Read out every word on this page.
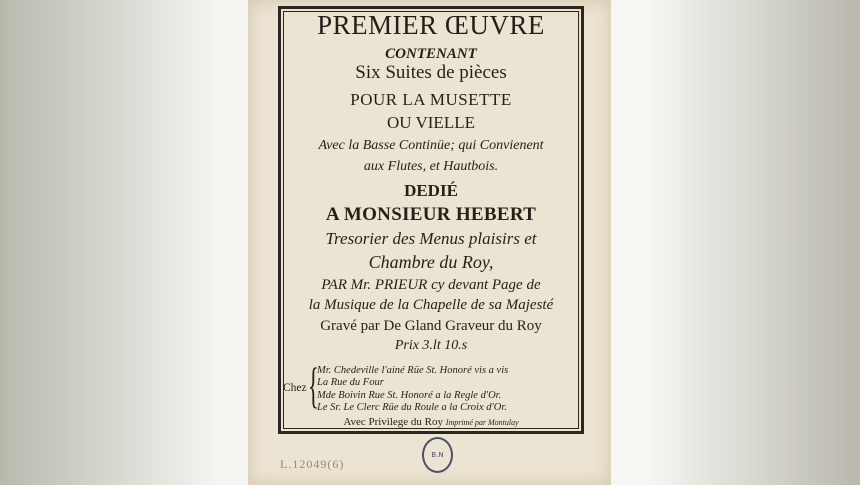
PREMIER ŒUVRE
CONTENANT
Six Suites de pièces
POUR LA MUSETTE
OU VIELLE
Avec la Basse Continüe; qui Convienent
aux Flutes, et Hautbois.
DEDIÉ
A MONSIEUR HEBERT
Tresorier des Menus plaisirs et
Chambre du Roy,
PAR Mr. PRIEUR cy devant Page de
la Musique de la Chapelle de sa Majesté
Gravé par De Gland Graveur du Roy
Prix 3.lt 10.s
Chez {
Mr. Chedeville l'ainé Rüe St. Honoré vis a vis
La Rue du Four
Mde Boivin Rue St. Honoré a la Regle d'Or.
Le Sr. Le Clerc Rüe du Roule a la Croix d'Or.
Avec Privilege du Roy Imprimé par Montulay
L.12049(6)
B.N
